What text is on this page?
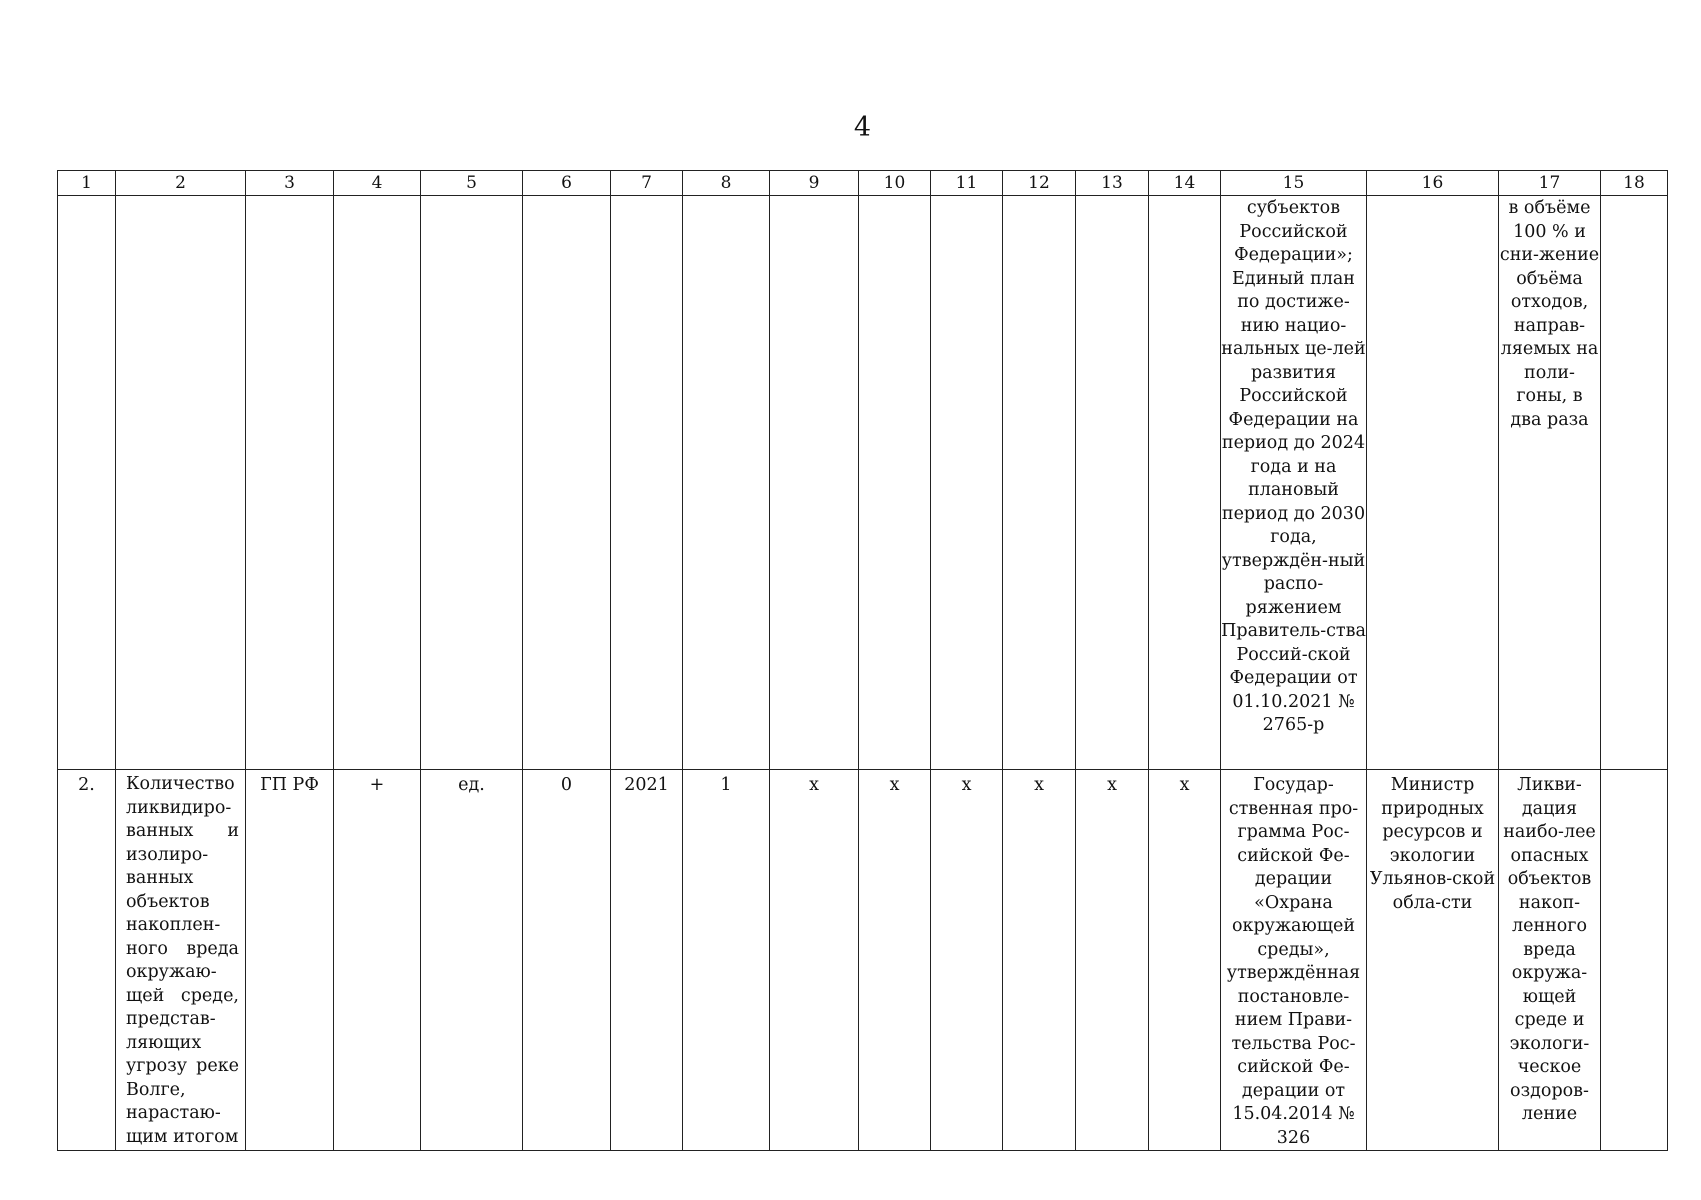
4
1	2	3	4	5	6	7	8	9	10	11	12	13	14	15	16	17	18

														субъектов Российской Федерации»; Единый план по достиже-нию нацио-нальных це-лей развития Российской Федерации на период до 2024 года и на плановый период до 2030 года, утверждён-ный распо-ряжением Правитель-ства Россий-ской Федерации от 01.10.2021 № 2765-р		в объёме 100 % и сни-жение объёма отходов, направ-ляемых на поли-гоны, в два раза	

2.	Количество ликвидиро-ванных и изолиро-ванных объектов накоплен-ного вреда окружаю-щей среде, представ-ляющих угрозу реке Волге, нарастаю-щим итогом	ГП РФ	+	ед.	0	2021	1	x	x	x	x	x	x	Государ-ственная про-грамма Рос-сийской Фе-дерации «Охрана окружающей среды», утверждённая постановле-нием Прави-тельства Рос-сийской Фе-дерации от 15.04.2014 № 326	Министр природных ресурсов и экологии Ульянов-ской обла-сти	Ликви-дация наибо-лее опасных объектов накоп-ленного вреда окружа-ющей среде и экологи-ческое оздоров-ление	
